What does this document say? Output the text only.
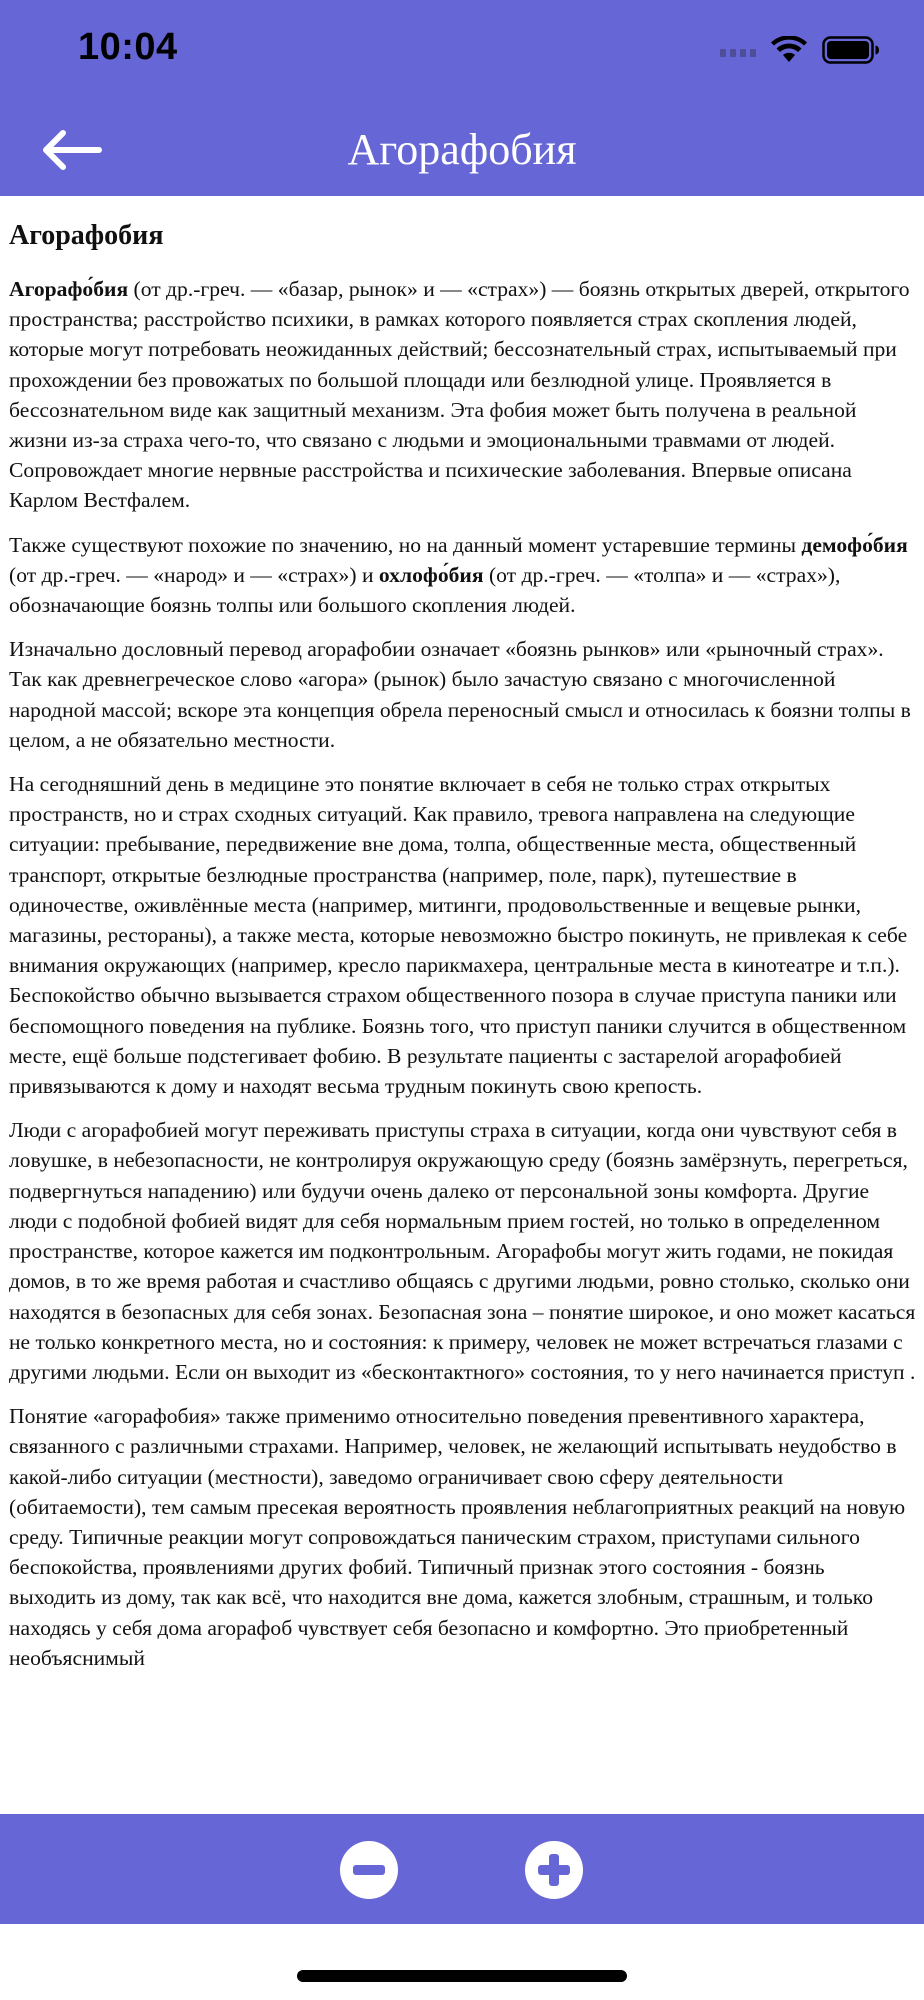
10:04
Агорафобия
Агорафобия

Агорафо́бия (от др.-греч. — «базар, рынок» и — «страх») — боязнь открытых дверей, открытого пространства; расстройство психики, в рамках которого появляется страх скопления людей, которые могут потребовать неожиданных действий; бессознательный страх, испытываемый при прохождении без провожатых по большой площади или безлюдной улице. Проявляется в бессознательном виде как защитный механизм. Эта фобия может быть получена в реальной жизни из-за страха чего-то, что связано с людьми и эмоциональными травмами от людей. Сопровождает многие нервные расстройства и психические заболевания. Впервые описана Карлом Вестфалем.

Также существуют похожие по значению, но на данный момент устаревшие термины демофо́бия (от др.-греч. — «народ» и — «страх») и охлофо́бия (от др.-греч. — «толпа» и — «страх»), обозначающие боязнь толпы или большого скопления людей.

Изначально дословный перевод агорафобии означает «боязнь рынков» или «рыночный страх». Так как древнегреческое слово «агора» (рынок) было зачастую связано с многочисленной народной массой; вскоре эта концепция обрела переносный смысл и относилась к боязни толпы в целом, а не обязательно местности.

На сегодняшний день в медицине это понятие включает в себя не только страх открытых пространств, но и страх сходных ситуаций. Как правило, тревога направлена на следующие ситуации: пребывание, передвижение вне дома, толпа, общественные места, общественный транспорт, открытые безлюдные пространства (например, поле, парк), путешествие в одиночестве, оживлённые места (например, митинги, продовольственные и вещевые рынки, магазины, рестораны), а также места, которые невозможно быстро покинуть, не привлекая к себе внимания окружающих (например, кресло парикмахера, центральные места в кинотеатре и т.п.). Беспокойство обычно вызывается страхом общественного позора в случае приступа паники или беспомощного поведения на публике. Боязнь того, что приступ паники случится в общественном месте, ещё больше подстегивает фобию. В результате пациенты с застарелой агорафобией привязываются к дому и находят весьма трудным покинуть свою крепость.

Люди с агорафобией могут переживать приступы страха в ситуации, когда они чувствуют себя в ловушке, в небезопасности, не контролируя окружающую среду (боязнь замёрзнуть, перегреться, подвергнуться нападению) или будучи очень далеко от персональной зоны комфорта. Другие люди с подобной фобией видят для себя нормальным прием гостей, но только в определенном пространстве, которое кажется им подконтрольным. Агорафобы могут жить годами, не покидая домов, в то же время работая и счастливо общаясь с другими людьми, ровно столько, сколько они находятся в безопасных для себя зонах. Безопасная зона – понятие широкое, и оно может касаться не только конкретного места, но и состояния: к примеру, человек не может встречаться глазами с другими людьми. Если он выходит из «бесконтактного» состояния, то у него начинается приступ .

Понятие «агорафобия» также применимо относительно поведения превентивного характера, связанного с различными страхами. Например, человек, не желающий испытывать неудобство в какой-либо ситуации (местности), заведомо ограничивает свою сферу деятельности (обитаемости), тем самым пресекая вероятность проявления неблагоприятных реакций на новую среду. Типичные реакции могут сопровождаться паническим страхом, приступами сильного беспокойства, проявлениями других фобий. Типичный признак этого состояния - боязнь выходить из дому, так как всё, что находится вне дома, кажется злобным, страшным, и только находясь у себя дома агорафоб чувствует себя безопасно и комфортно. Это приобретенный необъяснимый
